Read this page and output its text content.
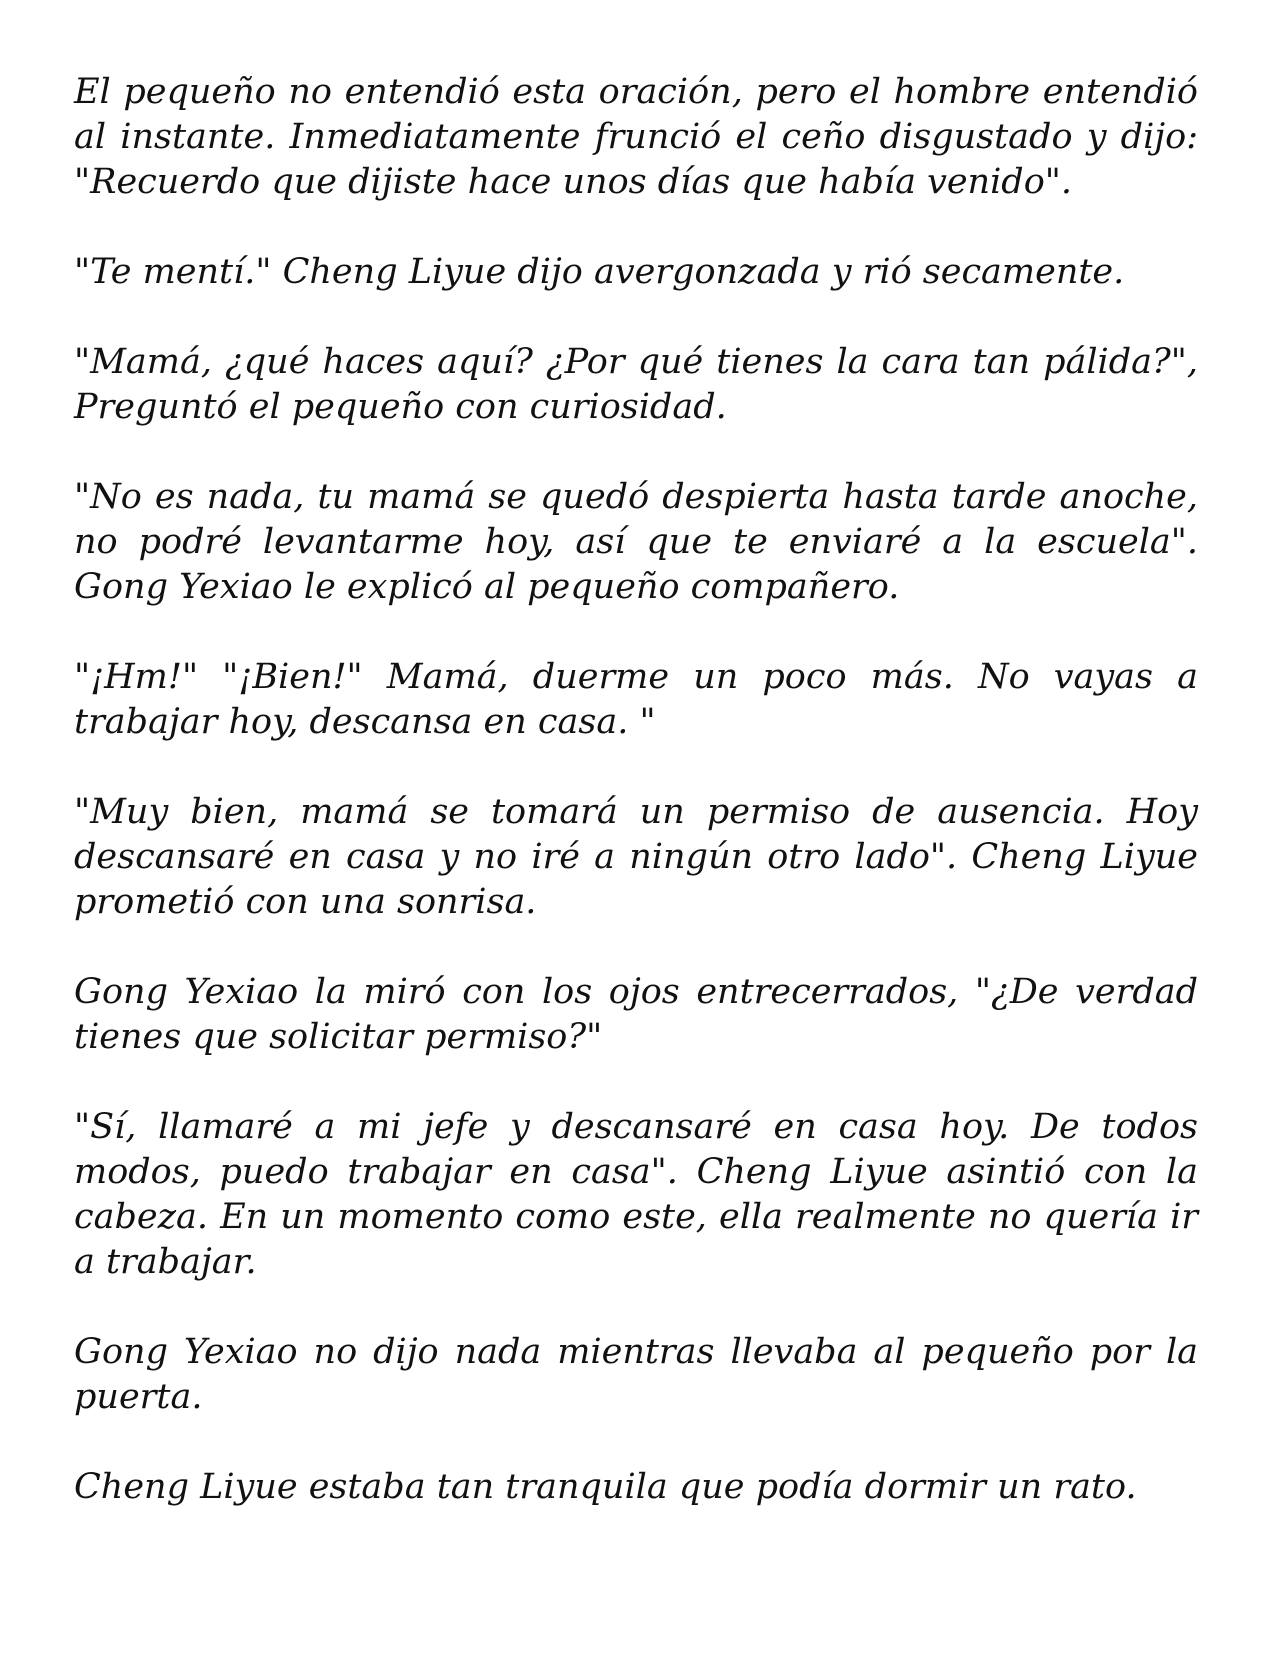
El pequeño no entendió esta oración, pero el hombre entendió al instante. Inmediatamente frunció el ceño disgustado y dijo: "Recuerdo que dijiste hace unos días que había venido".

"Te mentí." Cheng Liyue dijo avergonzada y rió secamente.

"Mamá, ¿qué haces aquí? ¿Por qué tienes la cara tan pálida?", Preguntó el pequeño con curiosidad.

"No es nada, tu mamá se quedó despierta hasta tarde anoche, no podré levantarme hoy, así que te enviaré a la escuela". Gong Yexiao le explicó al pequeño compañero.

"¡Hm!" "¡Bien!" Mamá, duerme un poco más. No vayas a trabajar hoy, descansa en casa. "

"Muy bien, mamá se tomará un permiso de ausencia. Hoy descansaré en casa y no iré a ningún otro lado". Cheng Liyue prometió con una sonrisa.

Gong Yexiao la miró con los ojos entrecerrados, "¿De verdad tienes que solicitar permiso?"

"Sí, llamaré a mi jefe y descansaré en casa hoy. De todos modos, puedo trabajar en casa". Cheng Liyue asintió con la cabeza. En un momento como este, ella realmente no quería ir a trabajar.

Gong Yexiao no dijo nada mientras llevaba al pequeño por la puerta.

Cheng Liyue estaba tan tranquila que podía dormir un rato.
